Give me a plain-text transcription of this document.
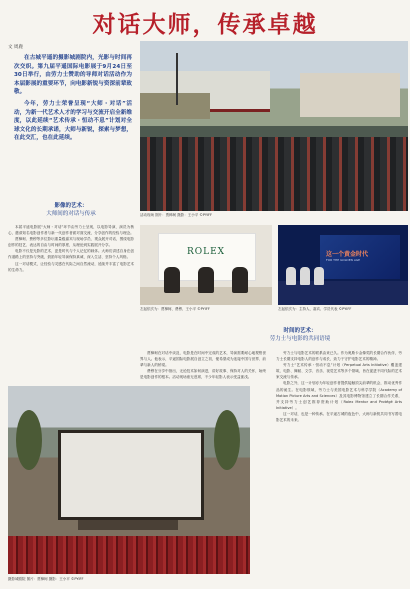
对话大师，传承卓越
文 周鹿

在古城平遥的摄影城剧院内，光影与时间再次交织。第九届平遥国际电影展于9月24日至30日举行，由劳力士赞助的导师对话活动作为本届影展的重要环节，向电影新锐与资深前辈致敬。

今年，劳力士荣誉呈现“大师・对话”活动，为新一代艺术人才的学习与交流开启全新维度，以此延续“艺术传承・恒动不息”计划对全球文化的长期承诺，大师与新锐，探索与梦想，在此交汇，也在此延续。

活动现场 图片：贾樟柯 摄影：王小平 ©PYIFF
影像的艺术：
大师间的对话与传承

本届平遥电影展“大师・对话”环节由劳力士呈现，以电影导演、演员为核心，邀请知名电影创作者与新一代创作者面对面交流，分享创作的经验与理念。

贾樟柯、费穆等多位影坛重量级嘉宾与现场学员、观众展开对话，围绕电影创作的技艺、表达的自由与时间的厚度，从理论到实践展开分享。

电影不仅是光影的艺术，更是时代与个人记忆的载体。大师们讲述自身在创作道路上的坚持与突破，鼓励年轻导演保持真诚、深入生活、坚持个人风格。

这一对话模式，让经验与灵感在代际之间自然流动，延续并丰富了电影艺术的生命力。

ROLEX
左起依次为：贾樟柯、费穆、王小平 ©PYIFF
这一个黄金时代
FOR THE GOLDEN AGE
左起依次为：主持人、嘉宾、学员代表 ©PYIFF
时间的艺术：
劳力士与电影的共同语境

贾樟柯在对话中谈及，电影是在时间中完成的艺术，导演需要耐心地观察世界与人。他表示，平遥国际电影展自创立之初，便希望成为连接中国与世界、前辈与新人的桥梁。

费穆在分享中指出，无论技术如何演进，讲好故事、保持对人的关怀，始终是电影创作的根本。活动现场座无虚席，不少年轻影人表示受益匪浅。

劳力士与电影艺术的联系由来已久。作为奥斯卡金像奖的长期合作伙伴，劳力士长期支持电影人的创作与成长，致力于守护电影艺术的精神。

劳力士“艺术传承・恒动不息”计划（Perpetual Arts Initiative）覆盖建筑、电影、舞蹈、文学、音乐、视觉艺术等多个领域，旨在促进不同代际的艺术家交流与传承。

电影之外，这一计划亦为年轻创作者提供接触顶尖前辈的机会，推动优秀作品的诞生。在电影领域，劳力士与美国电影艺术与科学学院（Academy of Motion Picture Arts and Sciences）及其电影博物馆建立了长期合作关系，并支持劳力士创艺推荐资助计划（Rolex Mentor and Protégé Arts Initiative）。

这一对话，也是一种传承。在平遥古城的夜色中，大师与新锐共同书写着电影艺术的未来。

摄影城剧院 图片：贾樟柯 摄影：王小平 ©PYIFF
